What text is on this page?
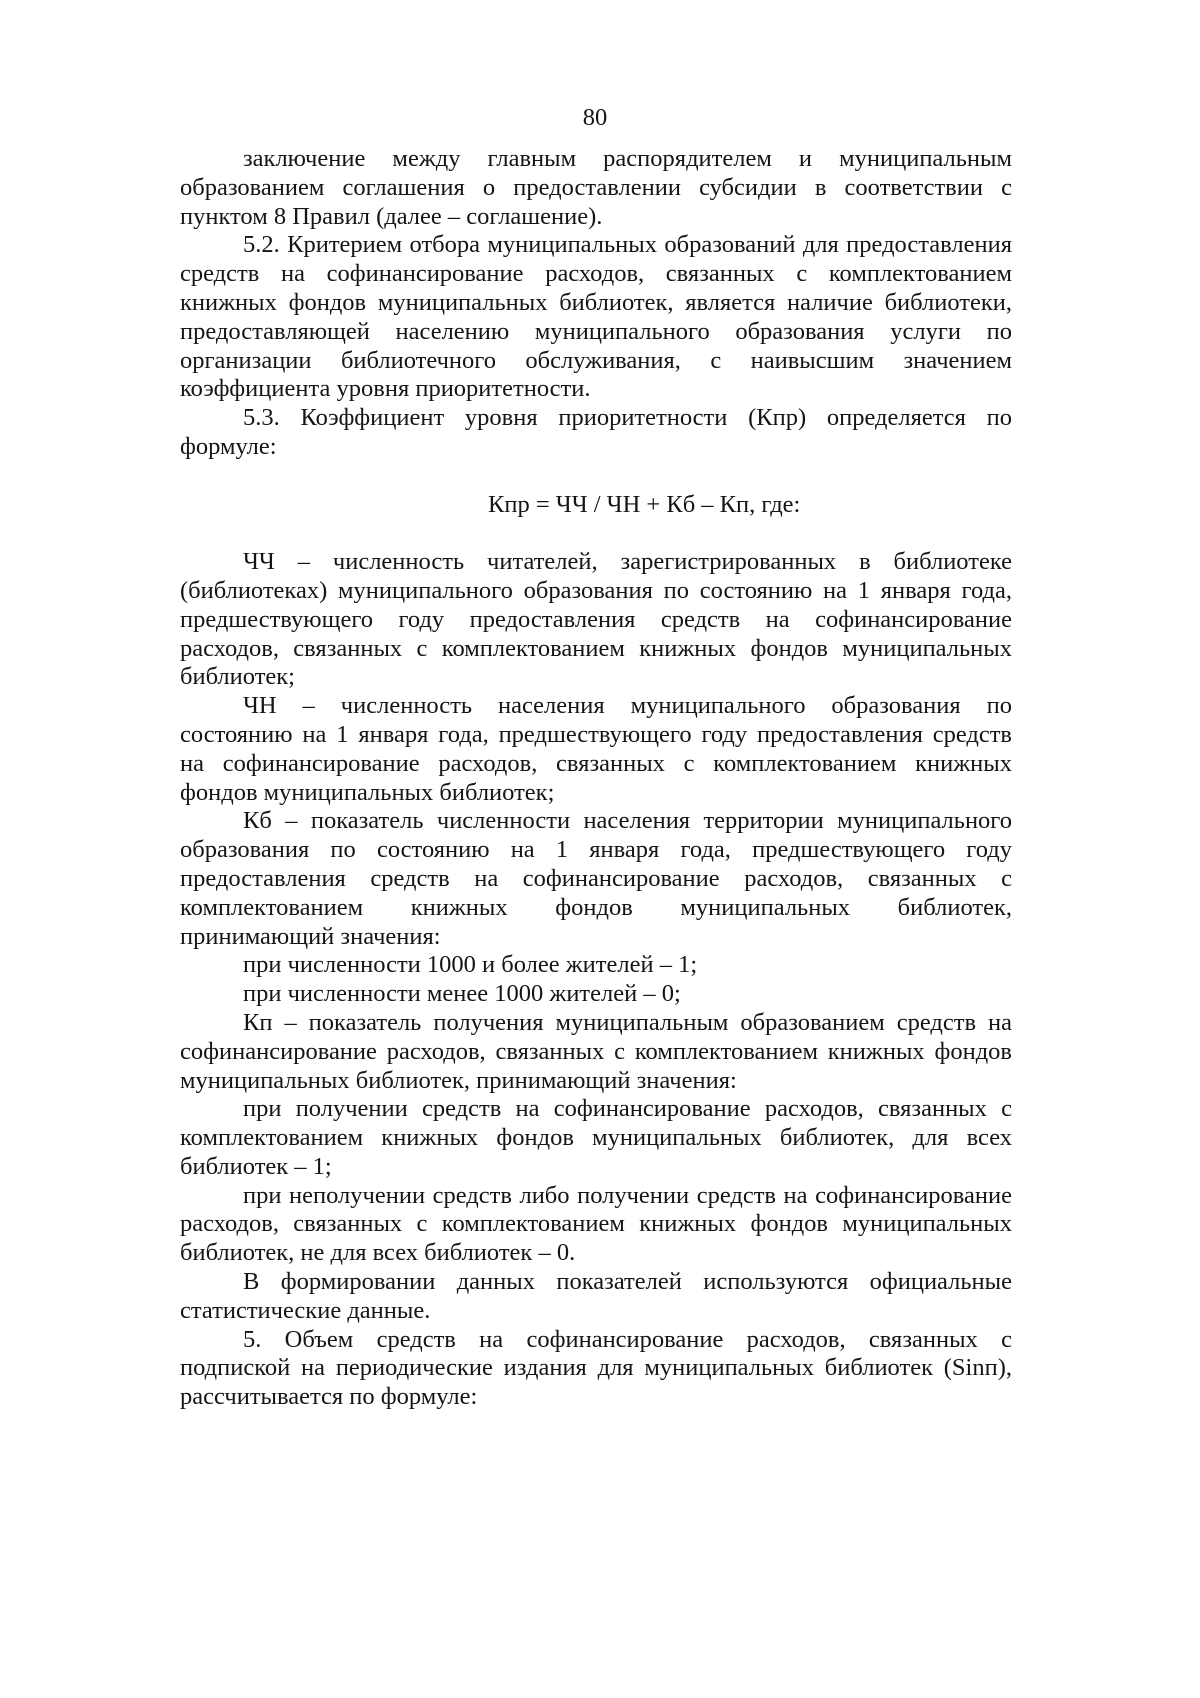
80
заключение между главным распорядителем и муниципальным
образованием соглашения о предоставлении субсидии в соответствии с
пунктом 8 Правил (далее – соглашение).
5.2. Критерием отбора муниципальных образований для предоставления
средств на софинансирование расходов, связанных с комплектованием
книжных фондов муниципальных библиотек, является наличие библиотеки,
предоставляющей населению муниципального образования услуги по
организации библиотечного обслуживания, с наивысшим значением
коэффициента уровня приоритетности.
5.3. Коэффициент уровня приоритетности (Кпр) определяется по
формуле:
Кпр = ЧЧ / ЧН + Кб – Кп, где:
ЧЧ – численность читателей, зарегистрированных в библиотеке
(библиотеках) муниципального образования по состоянию на 1 января года,
предшествующего году предоставления средств на софинансирование
расходов, связанных с комплектованием книжных фондов муниципальных
библиотек;
ЧН – численность населения муниципального образования по
состоянию на 1 января года, предшествующего году предоставления средств
на софинансирование расходов, связанных с комплектованием книжных
фондов муниципальных библиотек;
Кб – показатель численности населения территории муниципального
образования по состоянию на 1 января года, предшествующего году
предоставления средств на софинансирование расходов, связанных с
комплектованием книжных фондов муниципальных библиотек,
принимающий значения:
при численности 1000 и более жителей – 1;
при численности менее 1000 жителей – 0;
Кп – показатель получения муниципальным образованием средств на
софинансирование расходов, связанных с комплектованием книжных фондов
муниципальных библиотек, принимающий значения:
при получении средств на софинансирование расходов, связанных с
комплектованием книжных фондов муниципальных библиотек, для всех
библиотек – 1;
при неполучении средств либо получении средств на софинансирование
расходов, связанных с комплектованием книжных фондов муниципальных
библиотек, не для всех библиотек – 0.
В формировании данных показателей используются официальные
статистические данные.
5. Объем средств на софинансирование расходов, связанных с
подпиской на периодические издания для муниципальных библиотек (Sinп),
рассчитывается по формуле:
